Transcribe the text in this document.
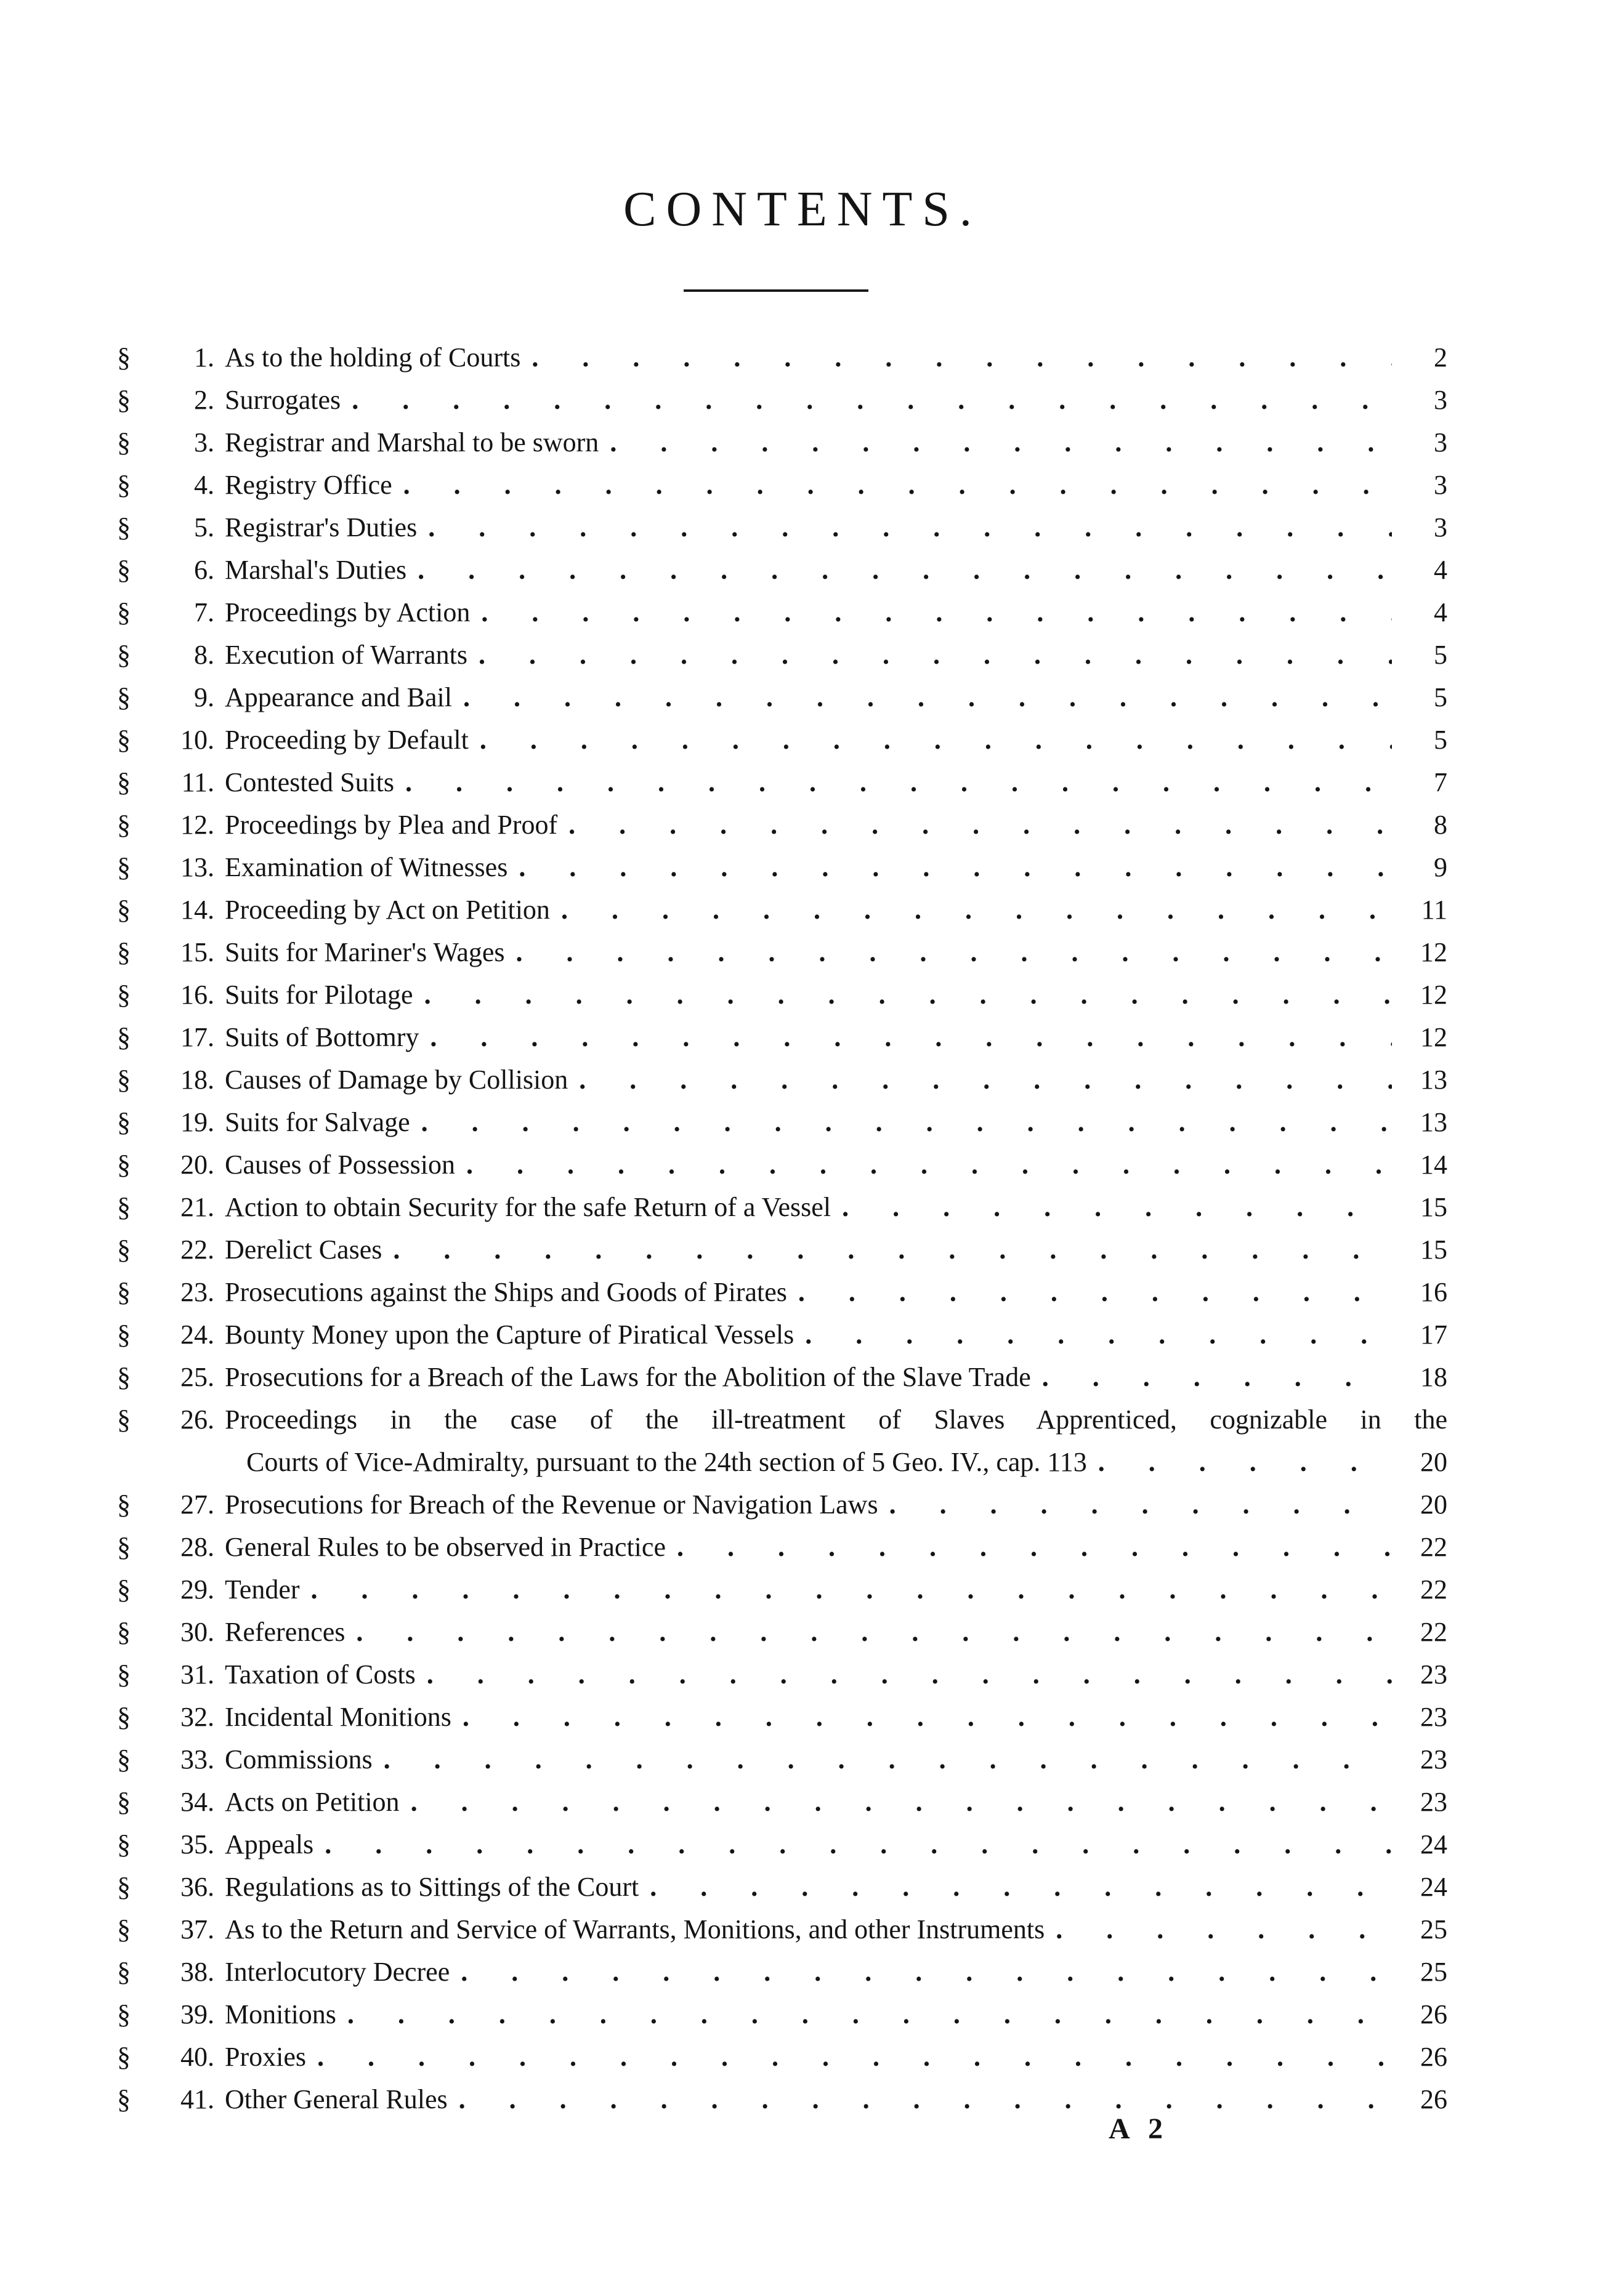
CONTENTS.
§ 1. As to the holding of Courts . . .	2
§ 2. Surrogates . . .	3
§ 3. Registrar and Marshal to be sworn . . .	3
§ 4. Registry Office . . .	3
§ 5. Registrar's Duties . . .	3
§ 6. Marshal's Duties . . .	4
§ 7. Proceedings by Action . . .	4
§ 8. Execution of Warrants . . .	5
§ 9. Appearance and Bail . . .	5
§ 10. Proceeding by Default . . .	5
§ 11. Contested Suits . . .	7
§ 12. Proceedings by Plea and Proof . . .	8
§ 13. Examination of Witnesses . . .	9
§ 14. Proceeding by Act on Petition . . .	11
§ 15. Suits for Mariner's Wages . . .	12
§ 16. Suits for Pilotage . . .	12
§ 17. Suits of Bottomry . . .	12
§ 18. Causes of Damage by Collision . . .	13
§ 19. Suits for Salvage . . .	13
§ 20. Causes of Possession . . .	14
§ 21. Action to obtain Security for the safe Return of a Vessel . . .	15
§ 22. Derelict Cases . . .	15
§ 23. Prosecutions against the Ships and Goods of Pirates . . .	16
§ 24. Bounty Money upon the Capture of Piratical Vessels . . .	17
§ 25. Prosecutions for a Breach of the Laws for the Abolition of the Slave Trade . . .	18
§ 26. Proceedings in the case of the ill-treatment of Slaves Apprenticed, cognizable in the
Courts of Vice-Admiralty, pursuant to the 24th section of 5 Geo. IV., cap. 113 . . .	20
§ 27. Prosecutions for Breach of the Revenue or Navigation Laws . . .	20
§ 28. General Rules to be observed in Practice . . .	22
§ 29. Tender . . .	22
§ 30. References . . .	22
§ 31. Taxation of Costs . . .	23
§ 32. Incidental Monitions . . .	23
§ 33. Commissions . . .	23
§ 34. Acts on Petition . . .	23
§ 35. Appeals . . .	24
§ 36. Regulations as to Sittings of the Court . . .	24
§ 37. As to the Return and Service of Warrants, Monitions, and other Instruments . . .	25
§ 38. Interlocutory Decree . . .	25
§ 39. Monitions . . .	26
§ 40. Proxies . . .	26
§ 41. Other General Rules . . .	26
A 2
